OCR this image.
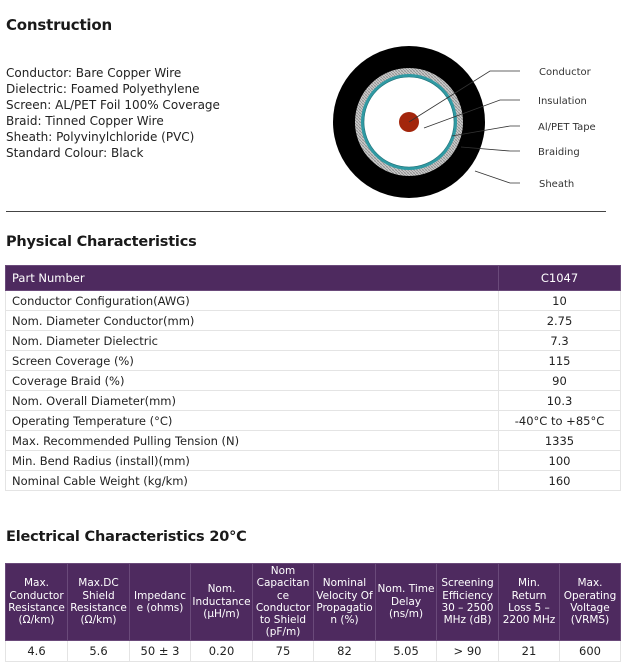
Construction
Conductor: Bare Copper Wire
Dielectric: Foamed Polyethylene
Screen: AL/PET Foil 100% Coverage
Braid: Tinned Copper Wire
Sheath: Polyvinylchloride (PVC)
Standard Colour: Black
Conductor
Insulation
Al/PET Tape
Braiding
Sheath
Physical Characteristics
Part Number	C1047
Conductor Configuration(AWG)	10
Nom. Diameter Conductor(mm)	2.75
Nom. Diameter Dielectric	7.3
Screen Coverage (%)	115
Coverage Braid (%)	90
Nom. Overall Diameter(mm)	10.3
Operating Temperature (°C)	-40°C to +85°C
Max. Recommended Pulling Tension (N)	1335
Min. Bend Radius (install)(mm)	100
Nominal Cable Weight (kg/km)	160
Electrical Characteristics 20°C
Max. Conductor Resistance (Ω/km)	Max.DC Shield Resistance (Ω/km)	Impedance (ohms)	Nom. Inductance (µH/m)	Nom Capacitance Conductor to Shield (pF/m)	Nominal Velocity Of Propagation (%)	Nom. Time Delay (ns/m)	Screening Efficiency 30 – 2500 MHz (dB)	Min. Return Loss 5 – 2200 MHz	Max. Operating Voltage (VRMS)
4.6	5.6	50 ± 3	0.20	75	82	5.05	> 90	21	600
